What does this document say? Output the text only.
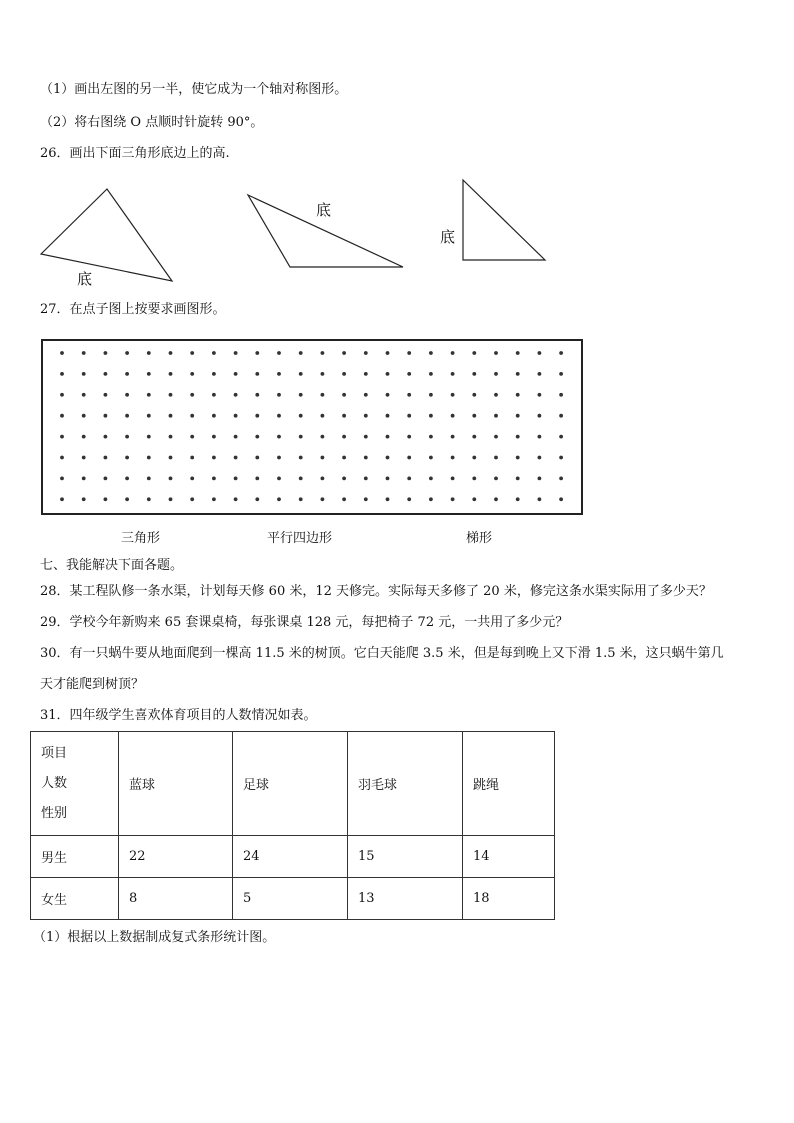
（1）画出左图的另一半，使它成为一个轴对称图形。
（2）将右图绕 O 点顺时针旋转 90°。
26．画出下面三角形底边上的高.
底
底
底
27．在点子图上按要求画图形。
三角形	平行四边形	梯形
七、我能解决下面各题。
28．某工程队修一条水渠，计划每天修 60 米，12 天修完。实际每天多修了 20 米，修完这条水渠实际用了多少天？
29．学校今年新购来 65 套课桌椅，每张课桌 128 元，每把椅子 72 元，一共用了多少元？
30．有一只蜗牛要从地面爬到一棵高 11.5 米的树顶。它白天能爬 3.5 米，但是每到晚上又下滑 1.5 米，这只蜗牛第几
天才能爬到树顶？
31．四年级学生喜欢体育项目的人数情况如表。
项目
人数
性别	蓝球	足球	羽毛球	跳绳
男生	22	24	15	14
女生	8	5	13	18
（1）根据以上数据制成复式条形统计图。
